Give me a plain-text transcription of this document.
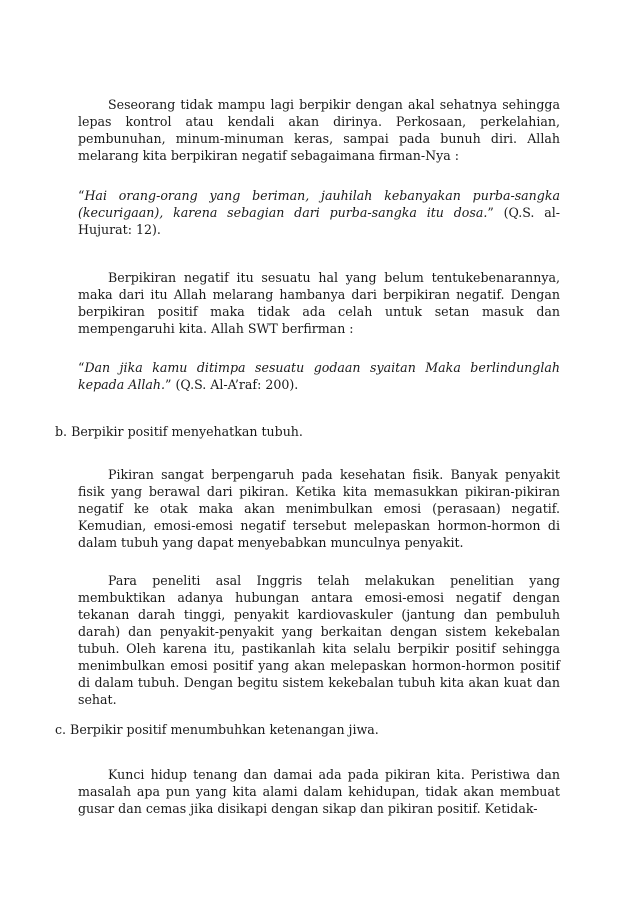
Seseorang tidak mampu lagi berpikir dengan akal sehatnya sehingga lepas kontrol atau kendali akan dirinya. Perkosaan, perkelahian, pembunuhan, minum-minuman keras, sampai pada bunuh diri. Allah melarang kita berpikiran negatif sebagaimana firman-Nya :

“Hai orang-orang yang beriman, jauhilah kebanyakan purba-sangka (kecurigaan), karena sebagian dari purba-sangka itu dosa.” (Q.S. al- Hujurat: 12).

Berpikiran negatif itu sesuatu hal yang belum tentukebenarannya, maka dari itu Allah melarang hambanya dari berpikiran negatif. Dengan berpikiran positif maka tidak ada celah untuk setan masuk dan mempengaruhi kita. Allah SWT berfirman :

“Dan jika kamu ditimpa sesuatu godaan syaitan Maka berlindunglah kepada Allah.” (Q.S. Al-A’raf: 200).

b. Berpikir positif menyehatkan tubuh.

Pikiran sangat berpengaruh pada kesehatan fisik. Banyak penyakit fisik yang berawal dari pikiran. Ketika kita memasukkan pikiran-pikiran negatif ke otak maka akan menimbulkan emosi (perasaan) negatif. Kemudian, emosi-emosi negatif tersebut melepaskan hormon-hormon di dalam tubuh yang dapat menyebabkan munculnya penyakit.

Para peneliti asal Inggris telah melakukan penelitian yang membuktikan adanya hubungan antara emosi-emosi negatif dengan tekanan darah tinggi, penyakit kardiovaskuler (jantung dan pembuluh darah) dan penyakit-penyakit yang berkaitan dengan sistem kekebalan tubuh. Oleh karena itu, pastikanlah kita selalu berpikir positif sehingga menimbulkan emosi positif yang akan melepaskan hormon-hormon positif di dalam tubuh. Dengan begitu sistem kekebalan tubuh kita akan kuat dan sehat.

c. Berpikir positif menumbuhkan ketenangan jiwa.

Kunci hidup tenang dan damai ada pada pikiran kita. Peristiwa dan masalah apa pun yang kita alami dalam kehidupan, tidak akan membuat gusar dan cemas jika disikapi dengan sikap dan pikiran positif. Ketidak-
